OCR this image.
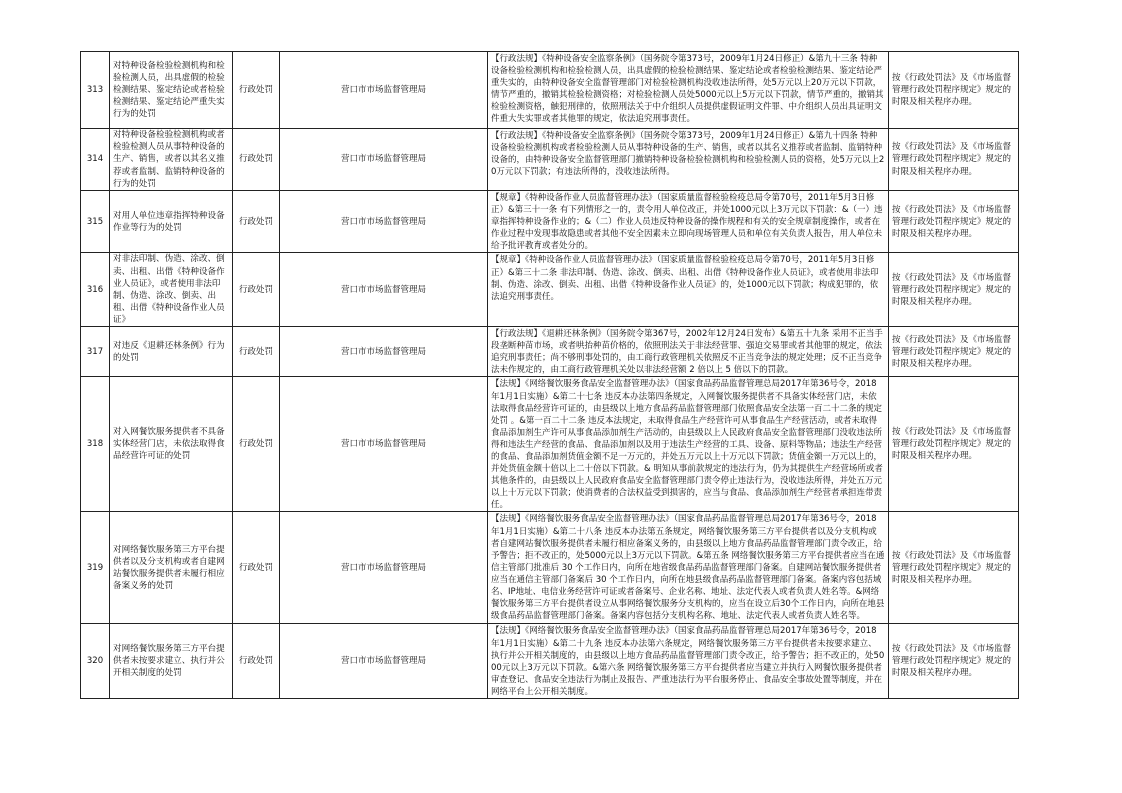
313	对特种设备检验检测机构和检验检测人员，出具虚假的检验检测结果、鉴定结论或者检验检测结果、鉴定结论严重失实行为的处罚	行政处罚	营口市市场监督管理局	【行政法规】《特种设备安全监察条例》（国务院令第373号，2009年1月24日修正）&第九十三条 特种设备检验检测机构和检验检测人员，出具虚假的检验检测结果、鉴定结论或者检验检测结果、鉴定结论严重失实的，由特种设备安全监督管理部门对检验检测机构没收违法所得，处5万元以上20万元以下罚款，情节严重的，撤销其检验检测资格；对检验检测人员处5000元以上5万元以下罚款，情节严重的，撤销其检验检测资格，触犯刑律的，依照刑法关于中介组织人员提供虚假证明文件罪、中介组织人员出具证明文件重大失实罪或者其他罪的规定，依法追究刑事责任。	按《行政处罚法》及《市场监督管理行政处罚程序规定》规定的时限及相关程序办理。
314	对特种设备检验检测机构或者检验检测人员从事特种设备的生产、销售，或者以其名义推荐或者监制、监销特种设备的行为的处罚	行政处罚	营口市市场监督管理局	【行政法规】《特种设备安全监察条例》（国务院令第373号，2009年1月24日修正）&第九十四条 特种设备检验检测机构或者检验检测人员从事特种设备的生产、销售，或者以其名义推荐或者监制、监销特种设备的，由特种设备安全监督管理部门撤销特种设备检验检测机构和检验检测人员的资格，处5万元以上20万元以下罚款；有违法所得的，没收违法所得。	按《行政处罚法》及《市场监督管理行政处罚程序规定》规定的时限及相关程序办理。
315	对用人单位违章指挥特种设备作业等行为的处罚	行政处罚	营口市市场监督管理局	【规章】《特种设备作业人员监督管理办法》（国家质量监督检验检疫总局令第70号，2011年5月3日修正）&第三十一条 有下列情形之一的，责令用人单位改正，并处1000元以上3万元以下罚款：&（一）违章指挥特种设备作业的；&（二）作业人员违反特种设备的操作规程和有关的安全规章制度操作，或者在作业过程中发现事故隐患或者其他不安全因素未立即向现场管理人员和单位有关负责人报告，用人单位未给予批评教育或者处分的。	按《行政处罚法》及《市场监督管理行政处罚程序规定》规定的时限及相关程序办理。
316	对非法印制、伪造、涂改、倒卖、出租、出借《特种设备作业人员证》，或者使用非法印制、伪造、涂改、倒卖、出租、出借《特种设备作业人员证》	行政处罚	营口市市场监督管理局	【规章】《特种设备作业人员监督管理办法》（国家质量监督检验检疫总局令第70号，2011年5月3日修正）&第三十二条 非法印制、伪造、涂改、倒卖、出租、出借《特种设备作业人员证》，或者使用非法印制、伪造、涂改、倒卖、出租、出借《特种设备作业人员证》的，处1000元以下罚款；构成犯罪的，依法追究刑事责任。	按《行政处罚法》及《市场监督管理行政处罚程序规定》规定的时限及相关程序办理。
317	对违反《退耕还林条例》行为的处罚	行政处罚	营口市市场监督管理局	【行政法规】《退耕还林条例》（国务院令第367号，2002年12月24日发布）&第五十九条 采用不正当手段垄断种苗市场，或者哄抬种苗价格的，依照刑法关于非法经营罪、强迫交易罪或者其他罪的规定，依法追究刑事责任；尚不够刑事处罚的，由工商行政管理机关依照反不正当竞争法的规定处理；反不正当竞争法未作规定的，由工商行政管理机关处以非法经营额 2 倍以上 5 倍以下的罚款。	按《行政处罚法》及《市场监督管理行政处罚程序规定》规定的时限及相关程序办理。
318	对入网餐饮服务提供者不具备实体经营门店，未依法取得食品经营许可证的处罚	行政处罚	营口市市场监督管理局	【法规】《网络餐饮服务食品安全监督管理办法》（国家食品药品监督管理总局2017年第36号令，2018年1月1日实施）&第二十七条 违反本办法第四条规定，入网餐饮服务提供者不具备实体经营门店，未依法取得食品经营许可证的，由县级以上地方食品药品监督管理部门依照食品安全法第一百二十二条的规定处罚 。&第一百二十二条 违反本法规定，未取得食品生产经营许可从事食品生产经营活动，或者未取得食品添加剂生产许可从事食品添加剂生产活动的，由县级以上人民政府食品安全监督管理部门没收违法所得和违法生产经营的食品、食品添加剂以及用于违法生产经营的工具、设备、原料等物品；违法生产经营的食品、食品添加剂货值金额不足一万元的，并处五万元以上十万元以下罚款；货值金额一万元以上的，并处货值金额十倍以上二十倍以下罚款。& 明知从事前款规定的违法行为，仍为其提供生产经营场所或者其他条件的，由县级以上人民政府食品安全监督管理部门责令停止违法行为，没收违法所得，并处五万元以上十万元以下罚款；使消费者的合法权益受到损害的，应当与食品、食品添加剂生产经营者承担连带责任。	按《行政处罚法》及《市场监督管理行政处罚程序规定》规定的时限及相关程序办理。
319	对网络餐饮服务第三方平台提供者以及分支机构或者自建网站餐饮服务提供者未履行相应备案义务的处罚	行政处罚	营口市市场监督管理局	【法规】《网络餐饮服务食品安全监督管理办法》（国家食品药品监督管理总局2017年第36号令，2018年1月1日实施）&第二十八条 违反本办法第五条规定，网络餐饮服务第三方平台提供者以及分支机构或者自建网站餐饮服务提供者未履行相应备案义务的，由县级以上地方食品药品监督管理部门责令改正，给予警告；拒不改正的，处5000元以上3万元以下罚款。&第五条 网络餐饮服务第三方平台提供者应当在通信主管部门批准后 30 个工作日内，向所在地省级食品药品监督管理部门备案。自建网站餐饮服务提供者应当在通信主管部门备案后 30 个工作日内，向所在地县级食品药品监督管理部门备案。备案内容包括域名、IP地址、电信业务经营许可证或者备案号、企业名称、地址、法定代表人或者负责人姓名等。&网络餐饮服务第三方平台提供者设立从事网络餐饮服务分支机构的，应当在设立后30个工作日内，向所在地县级食品药品监督管理部门备案。备案内容包括分支机构名称、地址、法定代表人或者负责人姓名等。	按《行政处罚法》及《市场监督管理行政处罚程序规定》规定的时限及相关程序办理。
320	对网络餐饮服务第三方平台提供者未按要求建立、执行并公开相关制度的处罚	行政处罚	营口市市场监督管理局	【法规】《网络餐饮服务食品安全监督管理办法》（国家食品药品监督管理总局2017年第36号令，2018年1月1日实施）&第二十九条 违反本办法第六条规定，网络餐饮服务第三方平台提供者未按要求建立、执行并公开相关制度的，由县级以上地方食品药品监督管理部门责令改正，给予警告；拒不改正的，处5000元以上3万元以下罚款。&第六条 网络餐饮服务第三方平台提供者应当建立并执行入网餐饮服务提供者审查登记、食品安全违法行为制止及报告、严重违法行为平台服务停止、食品安全事故处置等制度，并在网络平台上公开相关制度。	按《行政处罚法》及《市场监督管理行政处罚程序规定》规定的时限及相关程序办理。
